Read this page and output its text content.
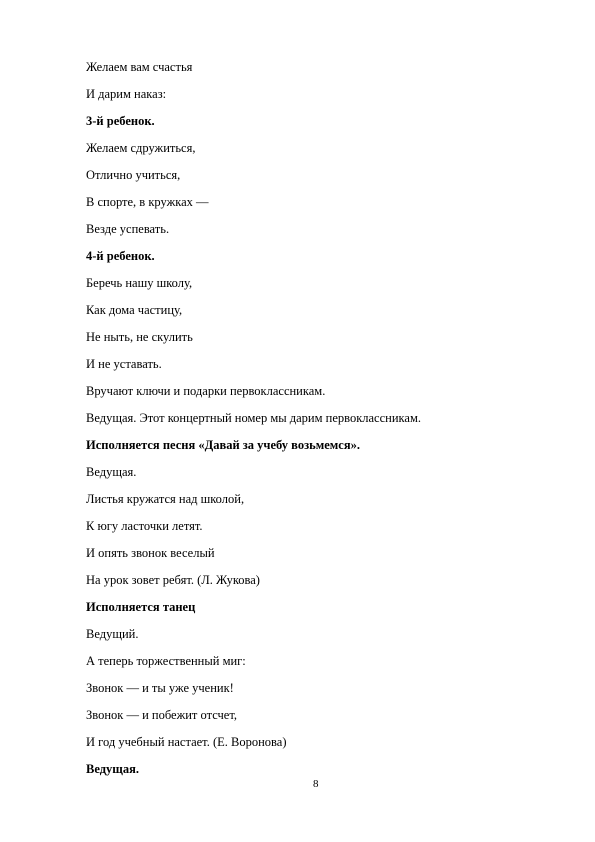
Желаем вам счастья
И дарим наказ:
3-й ребенок.
Желаем сдружиться,
Отлично учиться,
В спорте, в кружках —
Везде успевать.
4-й ребенок.
Беречь нашу школу,
Как дома частицу,
Не ныть, не скулить
И не уставать.
Вручают ключи и подарки первоклассникам.
Ведущая. Этот концертный номер мы дарим первоклассникам.
Исполняется песня «Давай за учебу возьмемся».
Ведущая.
Листья кружатся над школой,
К югу ласточки летят.
И опять звонок веселый
На урок зовет ребят. (Л. Жукова)
Исполняется танец
Ведущий.
А теперь торжественный миг:
Звонок — и ты уже ученик!
Звонок — и побежит отсчет,
И год учебный настает. (Е. Воронова)
Ведущая.
8
